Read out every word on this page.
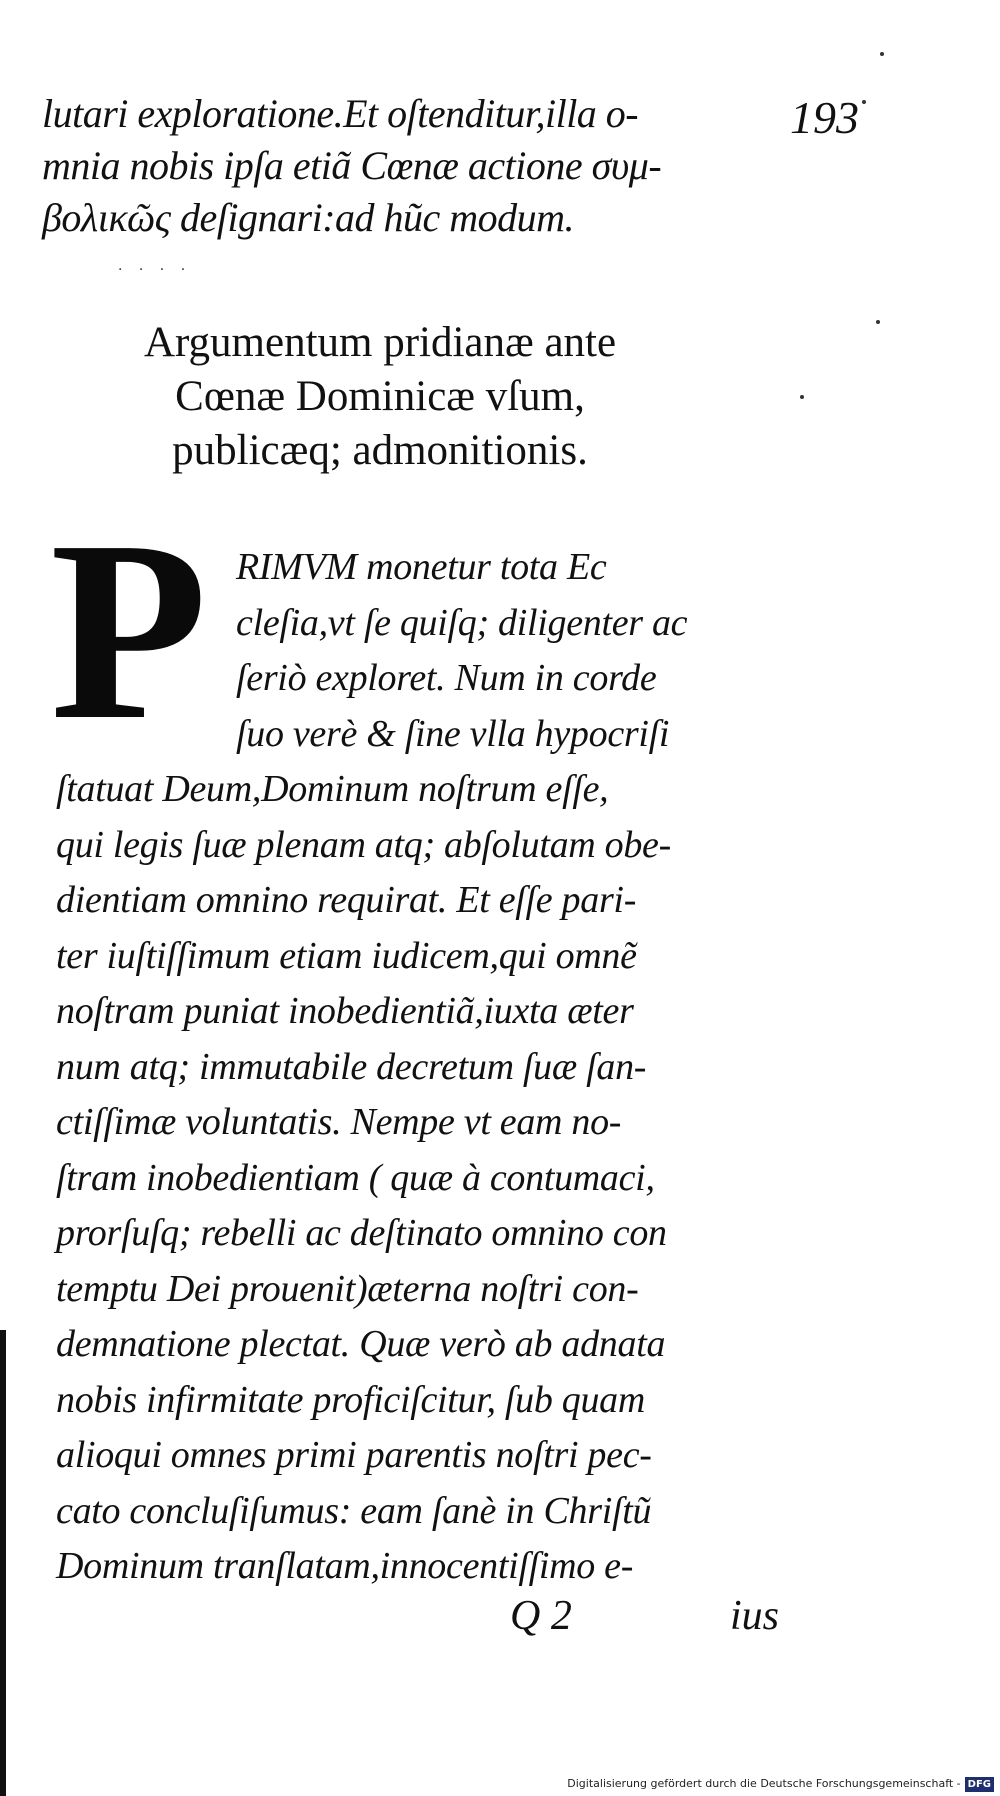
lutari exploratione.Et oſtenditur,illa o-
mnia nobis ipſa etiã Cœnæ actione συμ-
βολικῶς deſignari:ad hũc modum.
193
· · · ·
Argumentum pridianæ ante
Cœnæ Dominicæ vſum,
publicæq; admonitionis.
P RIMVM monetur tota Ec
cleſia,vt ſe quiſq; diligenter ac
ſeriò exploret. Num in corde
ſuo verè & ſine vlla hypocriſi
ſtatuat Deum,Dominum noſtrum eſſe,
qui legis ſuæ plenam atq; abſolutam obe-
dientiam omnino requirat. Et eſſe pari-
ter iuſtiſſimum etiam iudicem,qui omnẽ
noſtram puniat inobedientiã,iuxta æter
num atq; immutabile decretum ſuæ ſan-
ctiſſimæ voluntatis. Nempe vt eam no-
ſtram inobedientiam ( quæ à contumaci,
prorſuſq; rebelli ac deſtinato omnino con
temptu Dei prouenit)æterna noſtri con-
demnatione plectat. Quæ verò ab adnata
nobis infirmitate proficiſcitur, ſub quam
alioqui omnes primi parentis noſtri pec-
cato concluſiſumus: eam ſanè in Chriſtũ
Dominum tranſlatam,innocentiſſimo e-
Q 2	ius
Digitalisierung gefördert durch die Deutsche Forschungsgemeinschaft - DFG
